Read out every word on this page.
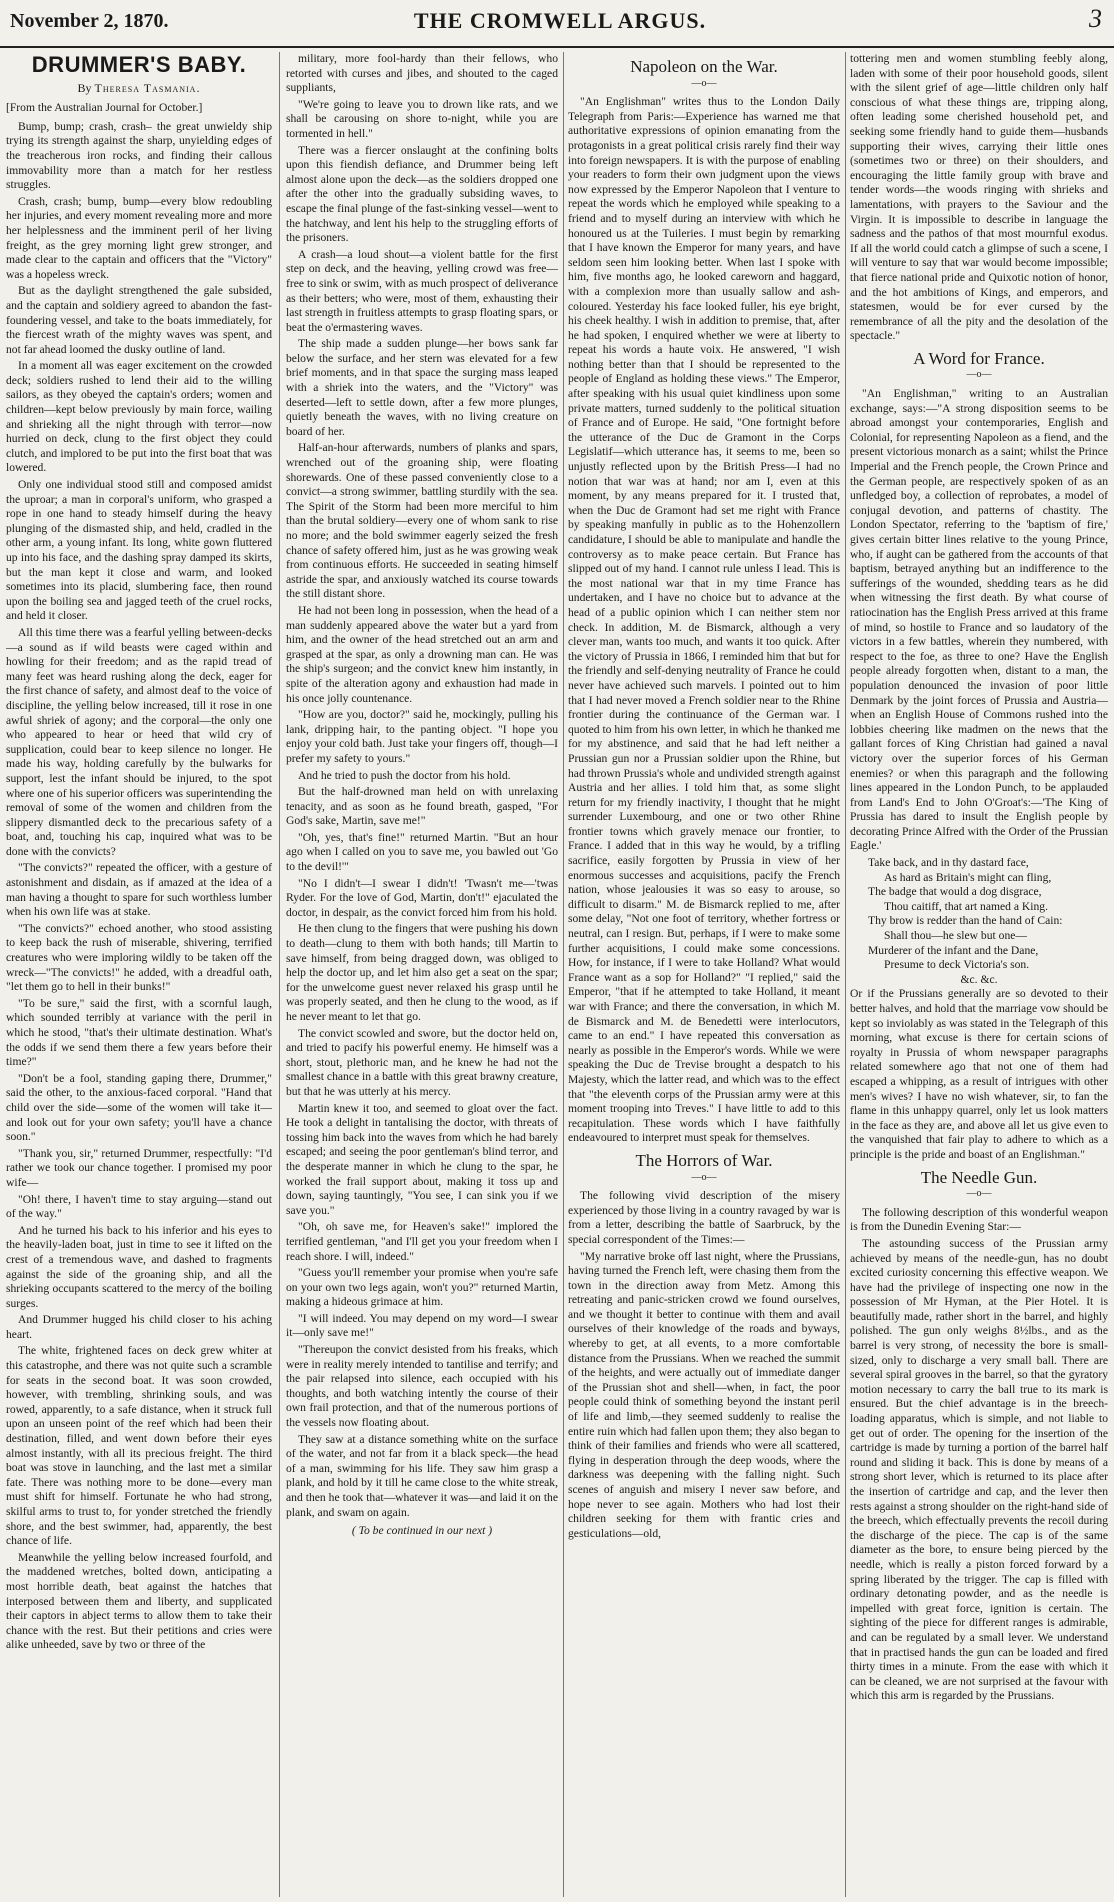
November 2, 1870.	THE CROMWELL ARGUS.	3
DRUMMER'S BABY.

By Theresa Tasmania.

[From the Australian Journal for October.]

Bump, bump; crash, crash– the great unwieldy ship trying its strength against the sharp, unyielding edges of the treacherous iron rocks, and finding their callous immovability more than a match for her restless struggles.

Crash, crash; bump, bump—every blow redoubling her injuries, and every moment revealing more and more her helplessness and the imminent peril of her living freight, as the grey morning light grew stronger, and made clear to the captain and officers that the "Victory" was a hopeless wreck.

But as the daylight strengthened the gale subsided, and the captain and soldiery agreed to abandon the fast-foundering vessel, and take to the boats immediately, for the fiercest wrath of the mighty waves was spent, and not far ahead loomed the dusky outline of land.

In a moment all was eager excitement on the crowded deck; soldiers rushed to lend their aid to the willing sailors, as they obeyed the captain's orders; women and children—kept below previously by main force, wailing and shrieking all the night through with terror—now hurried on deck, clung to the first object they could clutch, and implored to be put into the first boat that was lowered.

Only one individual stood still and composed amidst the uproar; a man in corporal's uniform, who grasped a rope in one hand to steady himself during the heavy plunging of the dismasted ship, and held, cradled in the other arm, a young infant. Its long, white gown fluttered up into his face, and the dashing spray damped its skirts, but the man kept it close and warm, and looked sometimes into its placid, slumbering face, then round upon the boiling sea and jagged teeth of the cruel rocks, and held it closer.

All this time there was a fearful yelling between-decks—a sound as if wild beasts were caged within and howling for their freedom; and as the rapid tread of many feet was heard rushing along the deck, eager for the first chance of safety, and almost deaf to the voice of discipline, the yelling below increased, till it rose in one awful shriek of agony; and the corporal—the only one who appeared to hear or heed that wild cry of supplication, could bear to keep silence no longer. He made his way, holding carefully by the bulwarks for support, lest the infant should be injured, to the spot where one of his superior officers was superintending the removal of some of the women and children from the slippery dismantled deck to the precarious safety of a boat, and, touching his cap, inquired what was to be done with the convicts?

"The convicts?" repeated the officer, with a gesture of astonishment and disdain, as if amazed at the idea of a man having a thought to spare for such worthless lumber when his own life was at stake.

"The convicts?" echoed another, who stood assisting to keep back the rush of miserable, shivering, terrified creatures who were imploring wildly to be taken off the wreck—"The convicts!" he added, with a dreadful oath, "let them go to hell in their bunks!"

"To be sure," said the first, with a scornful laugh, which sounded terribly at variance with the peril in which he stood, "that's their ultimate destination. What's the odds if we send them there a few years before their time?"

"Don't be a fool, standing gaping there, Drummer," said the other, to the anxious-faced corporal. "Hand that child over the side—some of the women will take it—and look out for your own safety; you'll have a chance soon."

"Thank you, sir," returned Drummer, respectfully: "I'd rather we took our chance together. I promised my poor wife—

"Oh! there, I haven't time to stay arguing—stand out of the way."

And he turned his back to his inferior and his eyes to the heavily-laden boat, just in time to see it lifted on the crest of a tremendous wave, and dashed to fragments against the side of the groaning ship, and all the shrieking occupants scattered to the mercy of the boiling surges.

And Drummer hugged his child closer to his aching heart.

The white, frightened faces on deck grew whiter at this catastrophe, and there was not quite such a scramble for seats in the second boat. It was soon crowded, however, with trembling, shrinking souls, and was rowed, apparently, to a safe distance, when it struck full upon an unseen point of the reef which had been their destination, filled, and went down before their eyes almost instantly, with all its precious freight. The third boat was stove in launching, and the last met a similar fate. There was nothing more to be done—every man must shift for himself. Fortunate he who had strong, skilful arms to trust to, for yonder stretched the friendly shore, and the best swimmer, had, apparently, the best chance of life.

Meanwhile the yelling below increased fourfold, and the maddened wretches, bolted down, anticipating a most horrible death, beat against the hatches that interposed between them and liberty, and supplicated their captors in abject terms to allow them to take their chance with the rest. But their petitions and cries were alike unheeded, save by two or three of the

military, more fool-hardy than their fellows, who retorted with curses and jibes, and shouted to the caged suppliants,

"We're going to leave you to drown like rats, and we shall be carousing on shore to-night, while you are tormented in hell."

There was a fiercer onslaught at the confining bolts upon this fiendish defiance, and Drummer being left almost alone upon the deck—as the soldiers dropped one after the other into the gradually subsiding waves, to escape the final plunge of the fast-sinking vessel—went to the hatchway, and lent his help to the struggling efforts of the prisoners.

A crash—a loud shout—a violent battle for the first step on deck, and the heaving, yelling crowd was free—free to sink or swim, with as much prospect of deliverance as their betters; who were, most of them, exhausting their last strength in fruitless attempts to grasp floating spars, or beat the o'ermastering waves.

The ship made a sudden plunge—her bows sank far below the surface, and her stern was elevated for a few brief moments, and in that space the surging mass leaped with a shriek into the waters, and the "Victory" was deserted—left to settle down, after a few more plunges, quietly beneath the waves, with no living creature on board of her.

Half-an-hour afterwards, numbers of planks and spars, wrenched out of the groaning ship, were floating shorewards. One of these passed conveniently close to a convict—a strong swimmer, battling sturdily with the sea. The Spirit of the Storm had been more merciful to him than the brutal soldiery—every one of whom sank to rise no more; and the bold swimmer eagerly seized the fresh chance of safety offered him, just as he was growing weak from continuous efforts. He succeeded in seating himself astride the spar, and anxiously watched its course towards the still distant shore.

He had not been long in possession, when the head of a man suddenly appeared above the water but a yard from him, and the owner of the head stretched out an arm and grasped at the spar, as only a drowning man can. He was the ship's surgeon; and the convict knew him instantly, in spite of the alteration agony and exhaustion had made in his once jolly countenance.

"How are you, doctor?" said he, mockingly, pulling his lank, dripping hair, to the panting object. "I hope you enjoy your cold bath. Just take your fingers off, though—I prefer my safety to yours."

And he tried to push the doctor from his hold.

But the half-drowned man held on with unrelaxing tenacity, and as soon as he found breath, gasped, "For God's sake, Martin, save me!"

"Oh, yes, that's fine!" returned Martin. "But an hour ago when I called on you to save me, you bawled out 'Go to the devil!'"

"No I didn't—I swear I didn't! 'Twasn't me—'twas Ryder. For the love of God, Martin, don't!" ejaculated the doctor, in despair, as the convict forced him from his hold.

He then clung to the fingers that were pushing his down to death—clung to them with both hands; till Martin to save himself, from being dragged down, was obliged to help the doctor up, and let him also get a seat on the spar; for the unwelcome guest never relaxed his grasp until he was properly seated, and then he clung to the wood, as if he never meant to let that go.

The convict scowled and swore, but the doctor held on, and tried to pacify his powerful enemy. He himself was a short, stout, plethoric man, and he knew he had not the smallest chance in a battle with this great brawny creature, but that he was utterly at his mercy.

Martin knew it too, and seemed to gloat over the fact. He took a delight in tantalising the doctor, with threats of tossing him back into the waves from which he had barely escaped; and seeing the poor gentleman's blind terror, and the desperate manner in which he clung to the spar, he worked the frail support about, making it toss up and down, saying tauntingly, "You see, I can sink you if we save you."

"Oh, oh save me, for Heaven's sake!" implored the terrified gentleman, "and I'll get you your freedom when I reach shore. I will, indeed."

"Guess you'll remember your promise when you're safe on your own two legs again, won't you?" returned Martin, making a hideous grimace at him.

"I will indeed. You may depend on my word—I swear it—only save me!"

"Thereupon the convict desisted from his freaks, which were in reality merely intended to tantilise and terrify; and the pair relapsed into silence, each occupied with his thoughts, and both watching intently the course of their own frail protection, and that of the numerous portions of the vessels now floating about.

They saw at a distance something white on the surface of the water, and not far from it a black speck—the head of a man, swimming for his life. They saw him grasp a plank, and hold by it till he came close to the white streak, and then he took that—whatever it was—and laid it on the plank, and swam on again.

( To be continued in our next )

Napoleon on the War.

—o—

"An Englishman" writes thus to the London Daily Telegraph from Paris:—Experience has warned me that authoritative expressions of opinion emanating from the protagonists in a great political crisis rarely find their way into foreign newspapers. It is with the purpose of enabling your readers to form their own judgment upon the views now expressed by the Emperor Napoleon that I venture to repeat the words which he employed while speaking to a friend and to myself during an interview with which he honoured us at the Tuileries. I must begin by remarking that I have known the Emperor for many years, and have seldom seen him looking better. When last I spoke with him, five months ago, he looked careworn and haggard, with a complexion more than usually sallow and ash-coloured. Yesterday his face looked fuller, his eye bright, his cheek healthy. I wish in addition to premise, that, after he had spoken, I enquired whether we were at liberty to repeat his words a haute voix. He answered, "I wish nothing better than that I should be represented to the people of England as holding these views." The Emperor, after speaking with his usual quiet kindliness upon some private matters, turned suddenly to the political situation of France and of Europe. He said, "One fortnight before the utterance of the Duc de Gramont in the Corps Legislatif—which utterance has, it seems to me, been so unjustly reflected upon by the British Press—I had no notion that war was at hand; nor am I, even at this moment, by any means prepared for it. I trusted that, when the Duc de Gramont had set me right with France by speaking manfully in public as to the Hohenzollern candidature, I should be able to manipulate and handle the controversy as to make peace certain. But France has slipped out of my hand. I cannot rule unless I lead. This is the most national war that in my time France has undertaken, and I have no choice but to advance at the head of a public opinion which I can neither stem nor check. In addition, M. de Bismarck, although a very clever man, wants too much, and wants it too quick. After the victory of Prussia in 1866, I reminded him that but for the friendly and self-denying neutrality of France he could never have achieved such marvels. I pointed out to him that I had never moved a French soldier near to the Rhine frontier during the continuance of the German war. I quoted to him from his own letter, in which he thanked me for my abstinence, and said that he had left neither a Prussian gun nor a Prussian soldier upon the Rhine, but had thrown Prussia's whole and undivided strength against Austria and her allies. I told him that, as some slight return for my friendly inactivity, I thought that he might surrender Luxembourg, and one or two other Rhine frontier towns which gravely menace our frontier, to France. I added that in this way he would, by a trifling sacrifice, easily forgotten by Prussia in view of her enormous successes and acquisitions, pacify the French nation, whose jealousies it was so easy to arouse, so difficult to disarm." M. de Bismarck replied to me, after some delay, "Not one foot of territory, whether fortress or neutral, can I resign. But, perhaps, if I were to make some further acquisitions, I could make some concessions. How, for instance, if I were to take Holland? What would France want as a sop for Holland?" "I replied," said the Emperor, "that if he attempted to take Holland, it meant war with France; and there the conversation, in which M. de Bismarck and M. de Benedetti were interlocutors, came to an end." I have repeated this conversation as nearly as possible in the Emperor's words. While we were speaking the Duc de Trevise brought a despatch to his Majesty, which the latter read, and which was to the effect that "the eleventh corps of the Prussian army were at this moment trooping into Treves." I have little to add to this recapitulation. These words which I have faithfully endeavoured to interpret must speak for themselves.

The Horrors of War.

—o—

The following vivid description of the misery experienced by those living in a country ravaged by war is from a letter, describing the battle of Saarbruck, by the special correspondent of the Times:—

"My narrative broke off last night, where the Prussians, having turned the French left, were chasing them from the town in the direction away from Metz. Among this retreating and panic-stricken crowd we found ourselves, and we thought it better to continue with them and avail ourselves of their knowledge of the roads and byways, whereby to get, at all events, to a more comfortable distance from the Prussians. When we reached the summit of the heights, and were actually out of immediate danger of the Prussian shot and shell—when, in fact, the poor people could think of something beyond the instant peril of life and limb,—they seemed suddenly to realise the entire ruin which had fallen upon them; they also began to think of their families and friends who were all scattered, flying in desperation through the deep woods, where the darkness was deepening with the falling night. Such scenes of anguish and misery I never saw before, and hope never to see again. Mothers who had lost their children seeking for them with frantic cries and gesticulations—old,

tottering men and women stumbling feebly along, laden with some of their poor household goods, silent with the silent grief of age—little children only half conscious of what these things are, tripping along, often leading some cherished household pet, and seeking some friendly hand to guide them—husbands supporting their wives, carrying their little ones (sometimes two or three) on their shoulders, and encouraging the little family group with brave and tender words—the woods ringing with shrieks and lamentations, with prayers to the Saviour and the Virgin. It is impossible to describe in language the sadness and the pathos of that most mournful exodus. If all the world could catch a glimpse of such a scene, I will venture to say that war would become impossible; that fierce national pride and Quixotic notion of honor, and the hot ambitions of Kings, and emperors, and statesmen, would be for ever cursed by the remembrance of all the pity and the desolation of the spectacle."

A Word for France.

—o—

"An Englishman," writing to an Australian exchange, says:—"A strong disposition seems to be abroad amongst your contemporaries, English and Colonial, for representing Napoleon as a fiend, and the present victorious monarch as a saint; whilst the Prince Imperial and the French people, the Crown Prince and the German people, are respectively spoken of as an unfledged boy, a collection of reprobates, a model of conjugal devotion, and patterns of chastity. The London Spectator, referring to the 'baptism of fire,' gives certain bitter lines relative to the young Prince, who, if aught can be gathered from the accounts of that baptism, betrayed anything but an indifference to the sufferings of the wounded, shedding tears as he did when witnessing the first death. By what course of ratiocination has the English Press arrived at this frame of mind, so hostile to France and so laudatory of the victors in a few battles, wherein they numbered, with respect to the foe, as three to one? Have the English people already forgotten when, distant to a man, the population denounced the invasion of poor little Denmark by the joint forces of Prussia and Austria—when an English House of Commons rushed into the lobbies cheering like madmen on the news that the gallant forces of King Christian had gained a naval victory over the superior forces of his German enemies? or when this paragraph and the following lines appeared in the London Punch, to be applauded from Land's End to John O'Groat's:—'The King of Prussia has dared to insult the English people by decorating Prince Alfred with the Order of the Prussian Eagle.'

Take back, and in thy dastard face,

As hard as Britain's might can fling,

The badge that would a dog disgrace,

Thou caitiff, that art named a King.

Thy brow is redder than the hand of Cain:

Shall thou—he slew but one—

Murderer of the infant and the Dane,

Presume to deck Victoria's son.

&c. &c.

Or if the Prussians generally are so devoted to their better halves, and hold that the marriage vow should be kept so inviolably as was stated in the Telegraph of this morning, what excuse is there for certain scions of royalty in Prussia of whom newspaper paragraphs related somewhere ago that not one of them had escaped a whipping, as a result of intrigues with other men's wives? I have no wish whatever, sir, to fan the flame in this unhappy quarrel, only let us look matters in the face as they are, and above all let us give even to the vanquished that fair play to adhere to which as a principle is the pride and boast of an Englishman."

The Needle Gun.

—o—

The following description of this wonderful weapon is from the Dunedin Evening Star:—

The astounding success of the Prussian army achieved by means of the needle-gun, has no doubt excited curiosity concerning this effective weapon. We have had the privilege of inspecting one now in the possession of Mr Hyman, at the Pier Hotel. It is beautifully made, rather short in the barrel, and highly polished. The gun only weighs 8½lbs., and as the barrel is very strong, of necessity the bore is small-sized, only to discharge a very small ball. There are several spiral grooves in the barrel, so that the gyratory motion necessary to carry the ball true to its mark is ensured. But the chief advantage is in the breech-loading apparatus, which is simple, and not liable to get out of order. The opening for the insertion of the cartridge is made by turning a portion of the barrel half round and sliding it back. This is done by means of a strong short lever, which is returned to its place after the insertion of cartridge and cap, and the lever then rests against a strong shoulder on the right-hand side of the breech, which effectually prevents the recoil during the discharge of the piece. The cap is of the same diameter as the bore, to ensure being pierced by the needle, which is really a piston forced forward by a spring liberated by the trigger. The cap is filled with ordinary detonating powder, and as the needle is impelled with great force, ignition is certain. The sighting of the piece for different ranges is admirable, and can be regulated by a small lever. We understand that in practised hands the gun can be loaded and fired thirty times in a minute. From the ease with which it can be cleaned, we are not surprised at the favour with which this arm is regarded by the Prussians.
